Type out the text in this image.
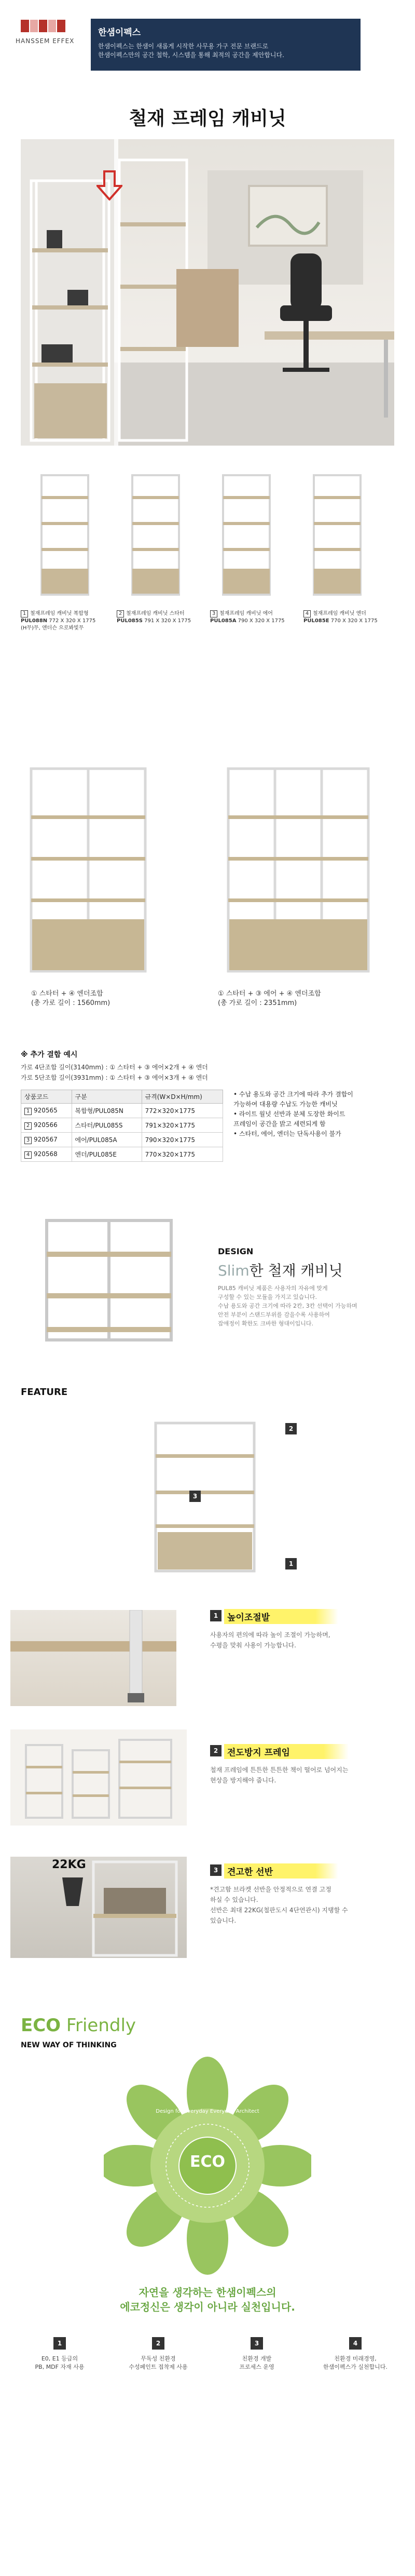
HANSSEM EFFEX
한샘이펙스

한샘이펙스는 한샘이 새롭게 시작한 사무용 가구 전문 브랜드로

한샘이펙스만의 공간 철학, 시스템을 통해 최적의 공간을 제안합니다.

철재 프레임 캐비닛
1 철재프레임 캐비닛 복합형
PUL088N 772 X 320 X 1775
(H무)무, 앤더슨 으로봐빛무
2 철재프레임 캐비닛 스타터
PUL085S 791 X 320 X 1775
3 철재프레임 캐비닛 에어
PUL085A 790 X 320 X 1775
4 철재프레임 캐비닛 엔더
PUL085E 770 X 320 X 1775
① 스타터 + ④ 엔더조합
(총 가로 길이 : 1560mm)
① 스타터 + ③ 에어 + ④ 엔더조합
(총 가로 길이 : 2351mm)
※ 추가 결합 예시
가로 4단조합 길이(3140mm) : ① 스타터 + ③ 에어×2개 + ④ 엔더
가로 5단조합 길이(3931mm) : ① 스타터 + ③ 에어×3개 + ④ 엔더
상품코드	구분	규격(W×D×H/mm)
1 920565	복합형/PUL085N	772×320×1775
2 920566	스타터/PUL085S	791×320×1775
3 920567	에어/PUL085A	790×320×1775
4 920568	엔더/PUL085E	770×320×1775
• 수납 용도와 공간 크기에 따라 추가 결합이
가능하여 대용량 수납도 가능한 캐비닛
• 라이트 월넛 선반과 분체 도장한 화이트
프레임이 공간을 밝고 세련되게 함
• 스타터, 에어, 엔더는 단독사용이 불가
DESIGN
Slim한 철재 캐비닛
PUL85 캐비닛 제품은 사용자의 자유에 맞게
구성할 수 있는 모듈을 가지고 있습니다.
수납 용도와 공간 크기에 따라 2칸, 3칸 선택이 가능하며
안전 부분이 스탠드부위를 감을수록 사용하여
잡애정이 확한도 크바한 형대이입니다.
FEATURE
2
3
1
1	높이조절발
사용자의 편의에 따라 높이 조절이 가능하며,
수평을 맞춰 사용이 가능합니다.
2	전도방지 프레임
철재 프레임에 튼튼한 튼튼한 책이 떨어로 넘어지는
현상을 방지해야 줍니다.
22KG	3	견고한 선반
*견고함 브라켓 선반을 안정적으로 연결 고정
하실 수 있습니다.
선반은 최대 22KG(철판도시 4단연관시) 지탱할 수
있습니다.
ECO Friendly
NEW WAY OF THINKING
ECO
Design for Everyday Everyday Architect
자연을 생각하는 한샘이펙스의
에코정신은 생각이 아니라 실천입니다.
1

E0, E1 등급의

PB, MDF 자재 사용

2

무독성 친환경

수성페인트 접착제 사용

3

친환경 개발

프로세스 운영

4

친환경 미래경영,

한샘이펙스가 실천합니다.
